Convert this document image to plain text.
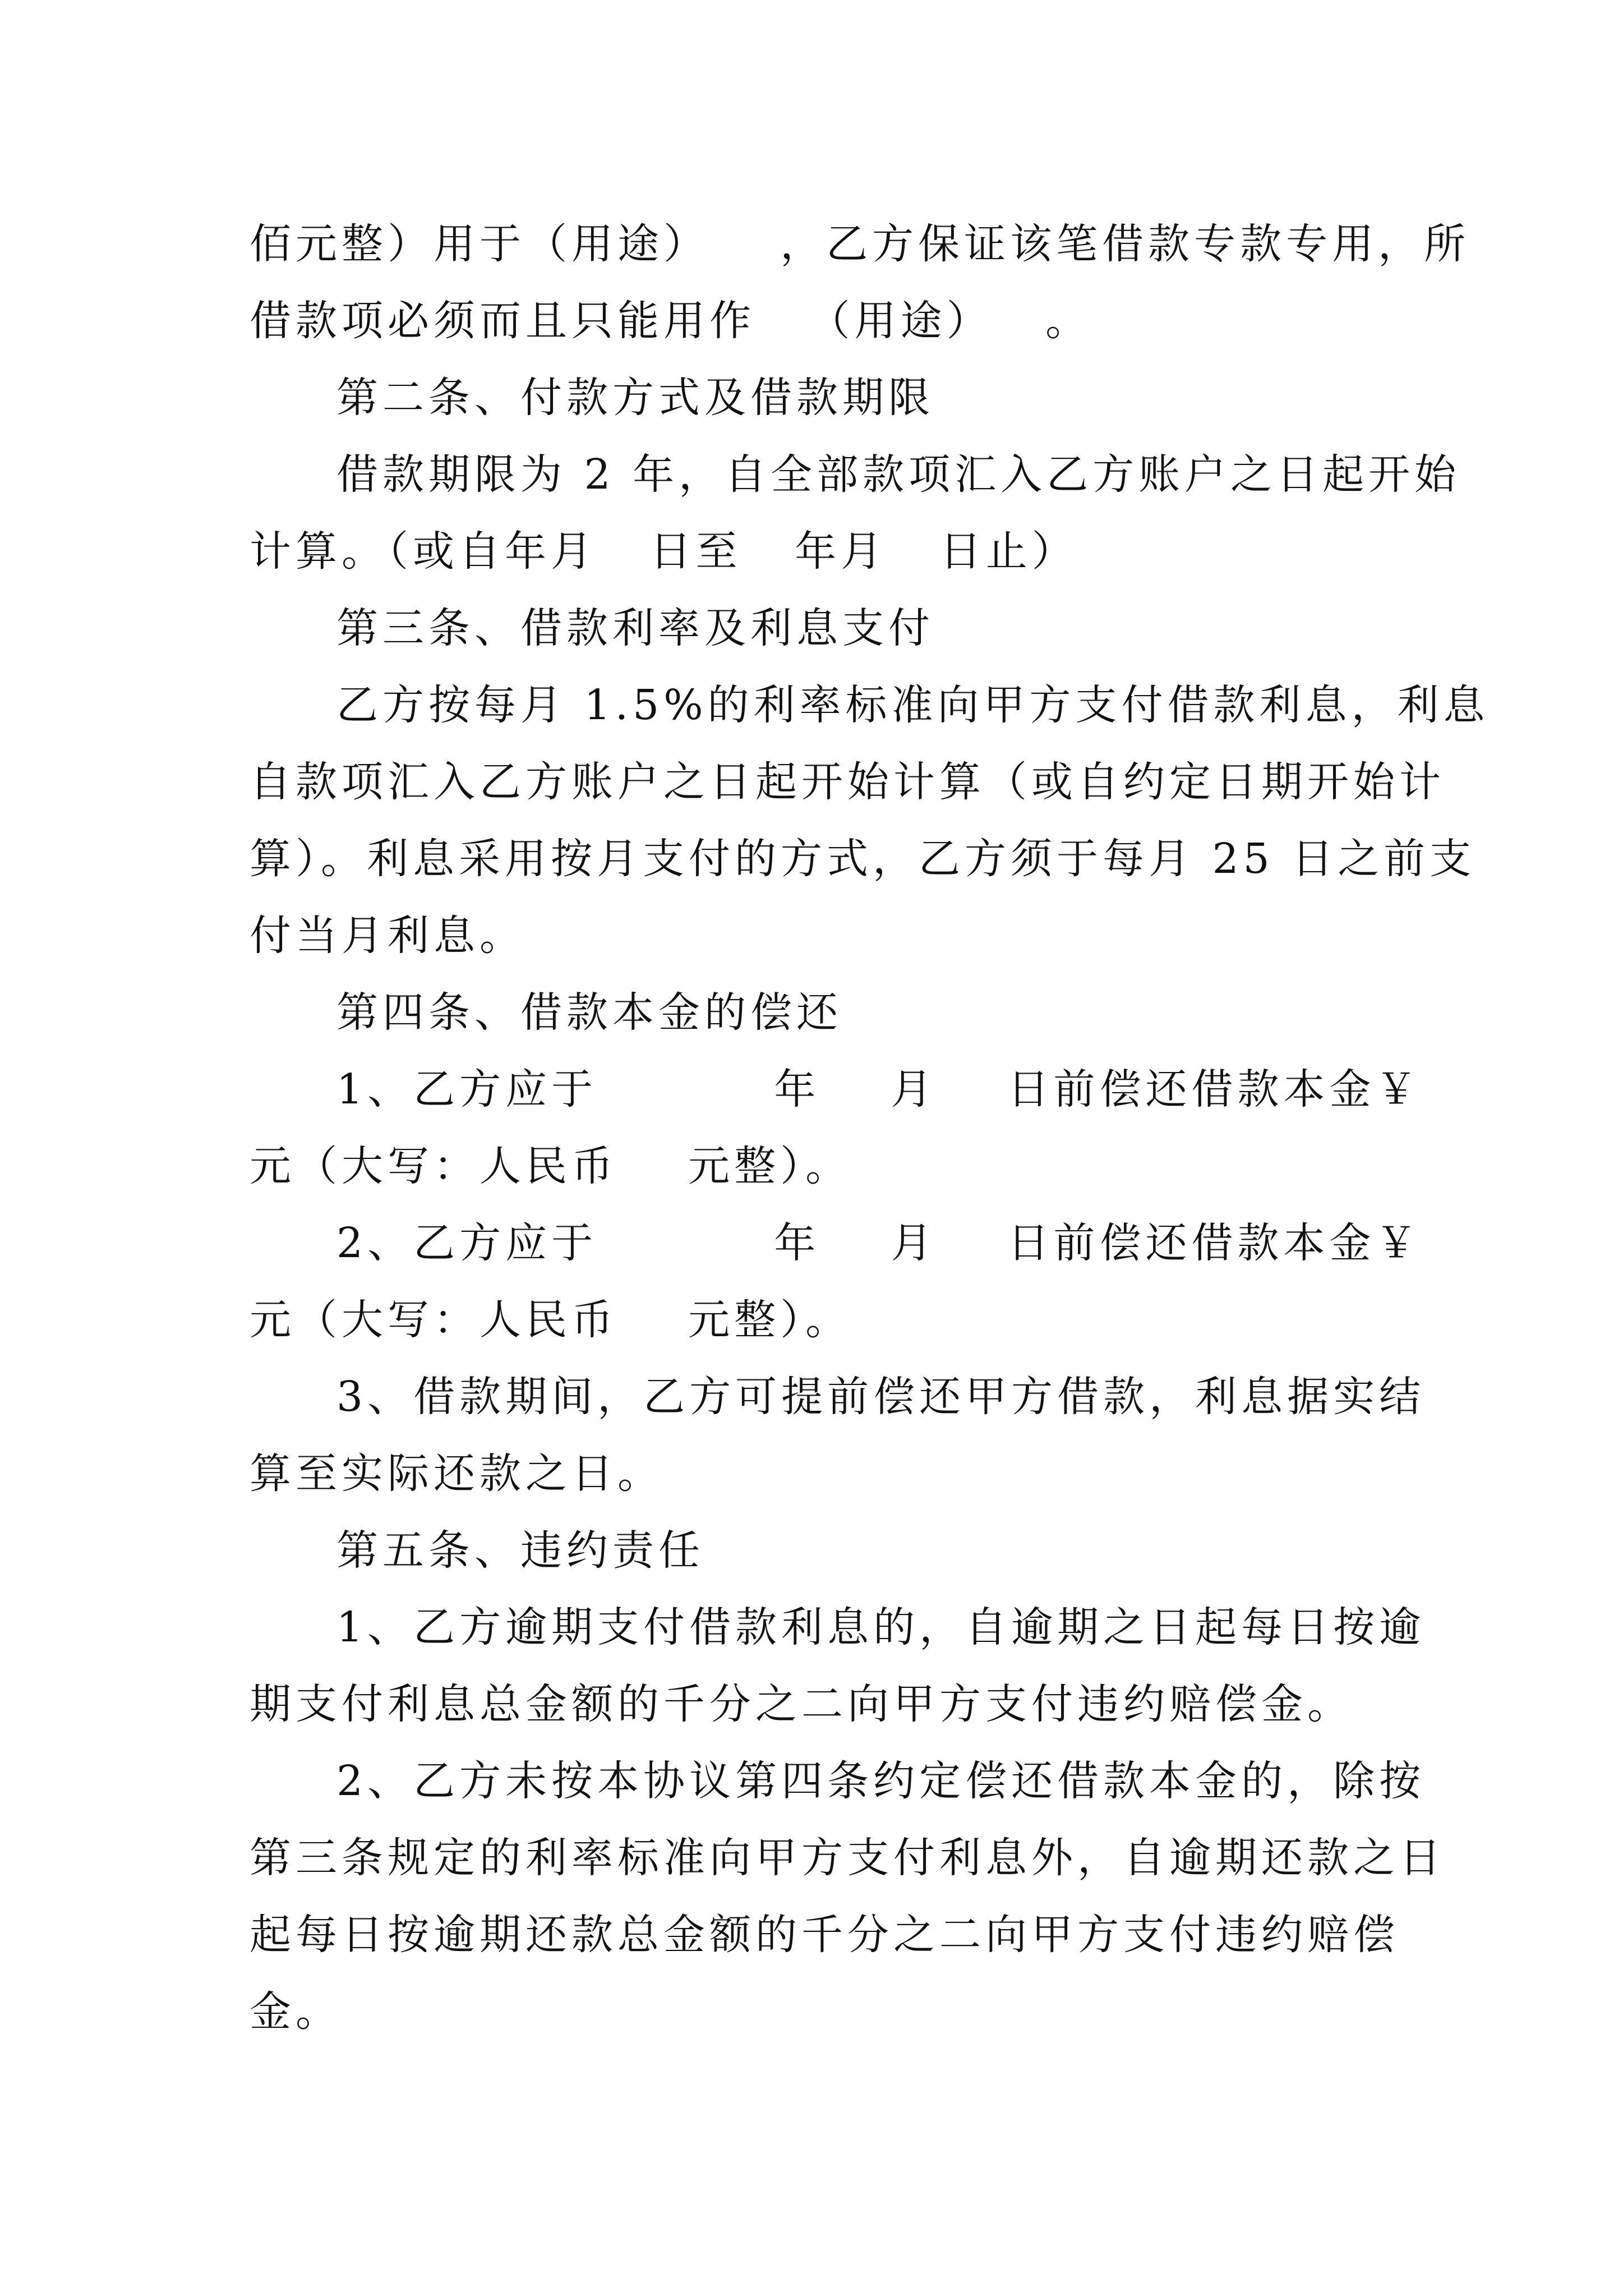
佰元整）用于（用途）    ，乙方保证该笔借款专款专用，所
借款项必须而且只能用作   （用途）   。
第二条、付款方式及借款期限
借款期限为 2 年，自全部款项汇入乙方账户之日起开始
计算。（或自年月   日至   年月   日止）
第三条、借款利率及利息支付
乙方按每月 1.5%的利率标准向甲方支付借款利息，利息
自款项汇入乙方账户之日起开始计算（或自约定日期开始计
算）。利息采用按月支付的方式，乙方须于每月 25 日之前支
付当月利息。
第四条、借款本金的偿还
1、乙方应于          年    月    日前偿还借款本金￥
元（大写：人民币    元整）。
2、乙方应于          年    月    日前偿还借款本金￥
元（大写：人民币    元整）。
3、借款期间，乙方可提前偿还甲方借款，利息据实结
算至实际还款之日。
第五条、违约责任
1、乙方逾期支付借款利息的，自逾期之日起每日按逾
期支付利息总金额的千分之二向甲方支付违约赔偿金。
2、乙方未按本协议第四条约定偿还借款本金的，除按
第三条规定的利率标准向甲方支付利息外，自逾期还款之日
起每日按逾期还款总金额的千分之二向甲方支付违约赔偿
金。
